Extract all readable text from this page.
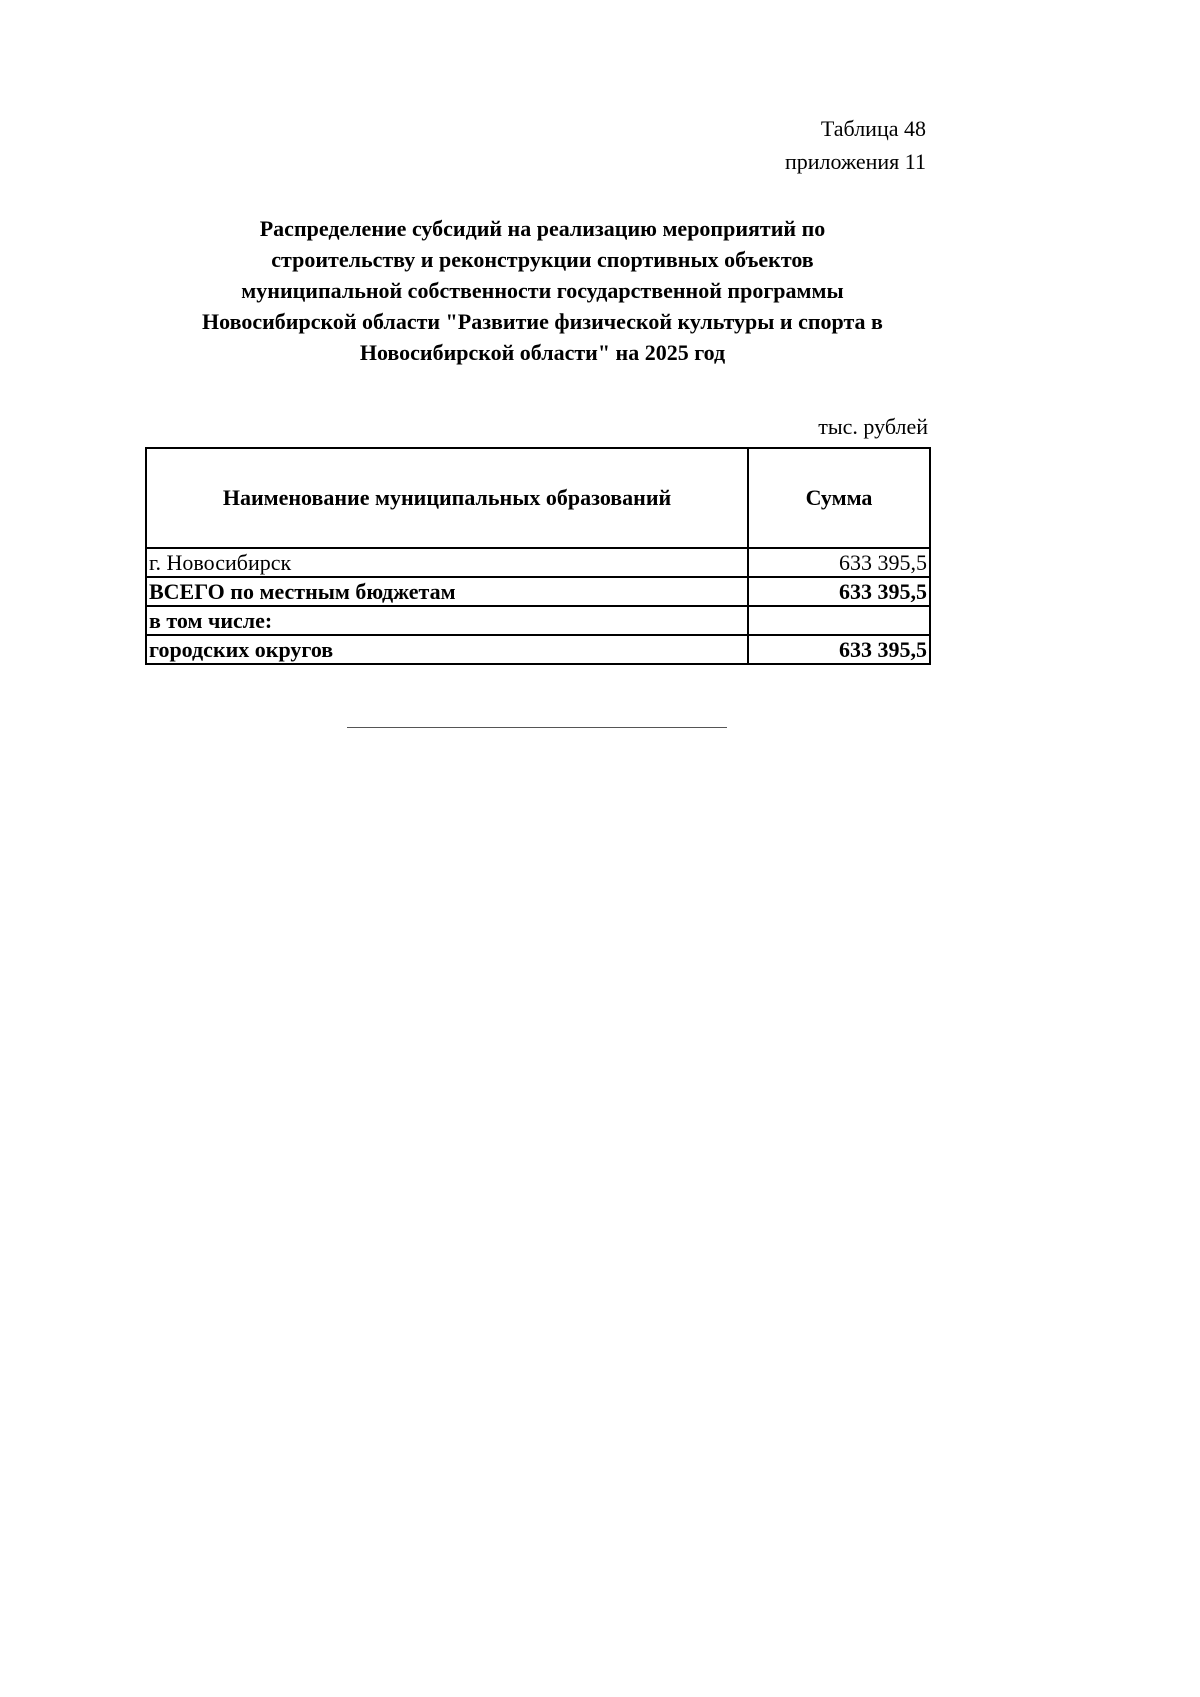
Таблица 48
приложения 11
Распределение субсидий на реализацию мероприятий по
строительству и реконструкции спортивных объектов
муниципальной собственности государственной программы
Новосибирской области "Развитие физической культуры и спорта в
Новосибирской области" на 2025 год
тыс. рублей
Наименование муниципальных образований	Сумма
г. Новосибирск	633 395,5
ВСЕГО по местным бюджетам	633 395,5
в том числе:	
городских округов	633 395,5
